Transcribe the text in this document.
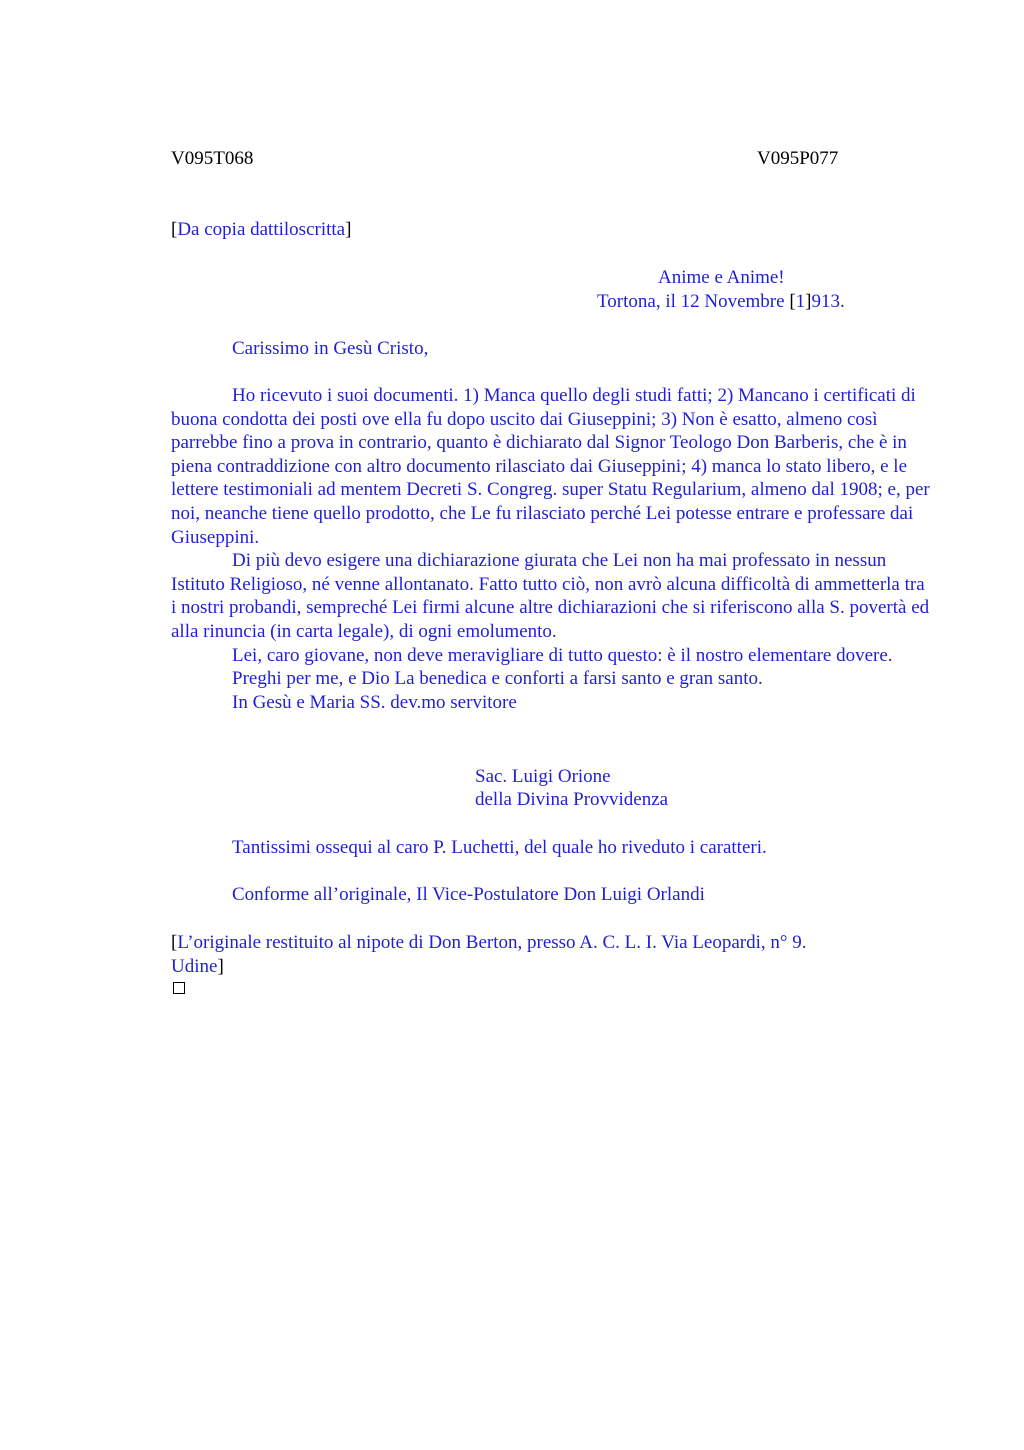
V095T068	V095P077
[Da copia dattiloscritta]
Anime e Anime!
Tortona, il 12 Novembre [1]913.
Carissimo in Gesù Cristo,

Ho ricevuto i suoi documenti. 1) Manca quello degli studi fatti; 2) Mancano i certificati di buona condotta dei posti ove ella fu dopo uscito dai Giuseppini; 3) Non è esatto, almeno così parrebbe fino a prova in contrario, quanto è dichiarato dal Signor Teologo Don Barberis, che è in piena contraddizione con altro documento rilasciato dai Giuseppini; 4) manca lo stato libero, e le lettere testimoniali ad mentem Decreti S. Congreg. super Statu Regularium, almeno dal 1908; e, per noi, neanche tiene quello prodotto, che Le fu rilasciato perché Lei potesse entrare e professare dai Giuseppini.

Di più devo esigere una dichiarazione giurata che Lei non ha mai professato in nessun Istituto Religioso, né venne allontanato. Fatto tutto ciò, non avrò alcuna difficoltà di ammetterla tra i nostri probandi, sempreché Lei firmi alcune altre dichiarazioni che si riferiscono alla S. povertà ed alla rinuncia (in carta legale), di ogni emolumento.

Lei, caro giovane, non deve meravigliare di tutto questo: è il nostro elementare dovere.

Preghi per me, e Dio La benedica e conforti a farsi santo e gran santo.

In Gesù e Maria SS. dev.mo servitore

Sac. Luigi Orione
della Divina Provvidenza
Tantissimi ossequi al caro P. Luchetti, del quale ho riveduto i caratteri.
Conforme all’originale, Il Vice-Postulatore Don Luigi Orlandi
[L’originale restituito al nipote di Don Berton, presso A. C. L. I. Via Leopardi, n° 9.
Udine]
